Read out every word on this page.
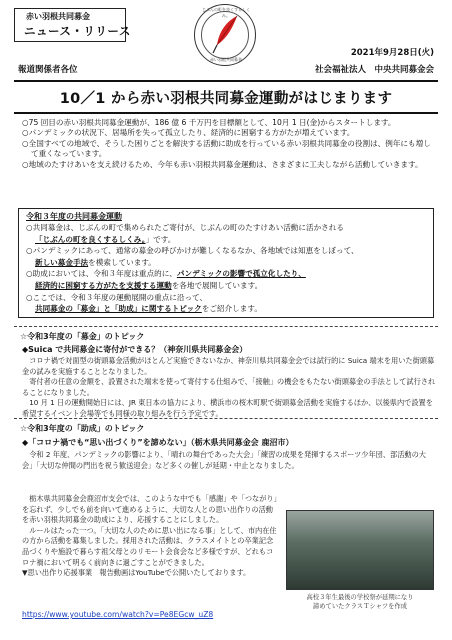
赤い羽根共同募金
ニュース・リリース
じぶんの町を良くするしくみ。
赤い羽根共同募金
2021年9月28日(火)
報道関係者各位	社会福祉法人　中央共同募金会
10／1 から赤い羽根共同募金運動がはじまります

○75 回目の赤い羽根共同募金運動が、186 億 6 千万円を目標額として、10月 1 日(金)からスタートします。

○パンデミックの状況下、居場所を失って孤立したり、経済的に困窮する方がたが増えています。

○全国すべての地域で、そうした困りごとを解決する活動に助成を行っている赤い羽根共同募金の役割は、例年にも増して重くなっています。

○地域のたすけあいを支え続けるため、今年も赤い羽根共同募金運動は、さまざまに工夫しながら活動していきます。

令和３年度の共同募金運動

○共同募金は、じぶんの町で集められたご寄付が、じぶんの町のたすけあい活動に活かされる
「じぶんの町を良くするしくみ。」です。

○パンデミックにあって、通常の募金の呼びかけが難しくなるなか、各地域では知恵をしぼって、
新しい募金手法を模索しています。

○助成においては、令和３年度は重点的に、パンデミックの影響で孤立化したり、
経済的に困窮する方がたを支援する運動を各地で展開しています。

○ここでは、令和３年度の運動展開の重点に沿って、
共同募金の「募金」と「助成」に関するトピックをご紹介します。

☆令和3年度の「募金」のトピック
◆Suica で共同募金に寄付ができる？（神奈川県共同募金会）

　コロナ禍で対面型の街頭募金活動がほとんど実施できないなか、神奈川県共同募金会では試行的に Suica 端末を用いた街頭募金の試みを実施することとなりました。

　寄付者の任意の金額を、設置された端末を使って寄付する仕組みで、「接触」の機会をもたない街頭募金の手法として試行されることになりました。

　10 月 1 日の運動開始日には、JR 東日本の協力により、横浜市の桜木町駅で街頭募金活動を実施するほか、以後県内で設置を希望するイベント会場等でも同様の取り組みを行う予定です。

☆令和3年度の「助成」のトピック
◆「コロナ禍でも“思い出づくり”を諦めない」（栃木県共同募金会 鹿沼市）

　令和 2 年度、パンデミックの影響により、「晴れの舞台であった大会」「練習の成果を発揮するスポーツ少年団、部活動の大会」「大切な仲間の門出を祝う歓送迎会」など多くの催しが延期・中止となりました。

　栃木県共同募金会鹿沼市支会では、このような中でも「感謝」や「つながり」を忘れず、少しでも前を向いて進めるように、大切な人との思い出作りの活動を赤い羽根共同募金の助成により、応援することにしました。

　ルールはたった一つ。「大切な人のために思い出になる事」として、市内在住の方から活動を募集しました。採用された活動は、クラスメイトとの卒業記念品づくりや施設で暮らす祖父母とのリモート会食会など多様ですが、どれもコロナ禍において明るく前向きに過ごすことができました。

▼思い出作り応援事業　報告動画はYouTubeで公開いたしております。

高校３年生最後の学校祭が延期になり
諦めていたクラスＴシャツを作成
https://www.youtube.com/watch?v=Pe8EGcw_uZ8
